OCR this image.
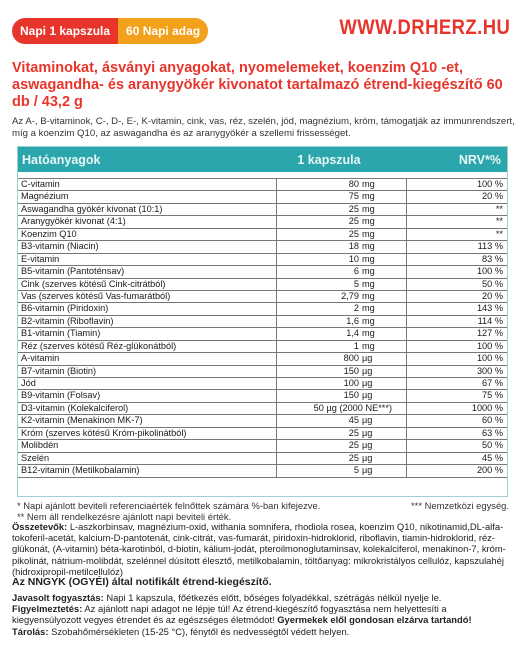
Napi 1 kapszula	60 Napi adag	WWW.DRHERZ.HU
Vitaminokat, ásványi anyagokat, nyomelemeket, koenzim Q10 -et, aswagandha- és aranygyökér kivonatot tartalmazó étrend-kiegészítő 60 db / 43,2 g
Az A-, B-vitaminok, C-, D-, E-, K-vitamin, cink, vas, réz, szelén, jód, magnézium, króm, támogatják az immunrendszert, míg a koenzim Q10, az aswagandha és az aranygyökér a szellemi frissességet.
Hatóanyagok	1 kapszula	NRV*%
C-vitamin	80 mg	100 %
Magnézium	75 mg	20 %
Aswagandha gyökér kivonat (10:1)	25 mg	**
Aranygyökér kivonat (4:1)	25 mg	**
Koenzim Q10	25 mg	**
B3-vitamin (Niacin)	18 mg	113 %
E-vitamin	10 mg	83 %
B5-vitamin (Pantoténsav)	6 mg	100 %
Cink (szerves kötésű Cink-citrátból)	5 mg	50 %
Vas (szerves kötésű Vas-fumarátból)	2,79 mg	20 %
B6-vitamin (Piridoxin)	2 mg	143 %
B2-vitamin (Riboflavin)	1,6 mg	114 %
B1-vitamin (Tiamin)	1,4 mg	127 %
Réz (szerves kötésű Réz-glükonátból)	1 mg	100 %
A-vitamin	800 µg	100 %
B7-vitamin (Biotin)	150 µg	300 %
Jód	100 µg	67 %
B9-vitamin (Folsav)	150 µg	75 %
D3-vitamin (Kolekalciferol)	50 µg (2000 NE***)	1000 %
K2-vitamin (Menakinon MK-7)	45 µg	60 %
Króm (szerves kötésű Króm-pikolinátból)	25 µg	63 %
Molibdén	25 µg	50 %
Szelén	25 µg	45 %
B12-vitamin (Metilkobalamin)	5 µg	200 %
* Napi ajánlott beviteli referenciaérték felnőttek számára %-ban kifejezve.	*** Nemzetközi egység.
** Nem áll rendelkezésre ajánlott napi beviteli érték.
Összetevők: L-aszkorbinsav, magnézium-oxid, withania somnifera, rhodiola rosea, koenzim Q10, nikotinamid,DL-alfa-tokoferil-acetát, kalcium-D-pantotenát, cink-citrát, vas-fumarát, piridoxin-hidroklorid, riboflavin, tiamin-hidroklorid, réz-glükonát, (A-vitamin) béta-karotinból, d-biotin, kálium-jodát, pteroilmonoglutaminsav, kolekalciferol, menakinon-7, króm-pikolinát, nátrium-molibdát, szelénnel dúsított élesztő, metilkobalamin, töltőanyag: mikrokristályos cellulóz, kapszulahéj (hidroxipropil-metilcellulóz)
Az NNGYK (OGYÉI) által notifikált étrend-kiegészítő.
Javasolt fogyasztás: Napi 1 kapszula, főétkezés előtt, bőséges folyadékkal, szétrágás nélkül nyelje le.
Figyelmeztetés: Az ajánlott napi adagot ne lépje túl! Az étrend-kiegészítő fogyasztása nem helyettesíti a kiegyensúlyozott vegyes étrendet és az egészséges életmódot! Gyermekek elől gondosan elzárva tartandó!
Tárolás: Szobahőmérsékleten (15-25 °C), fénytől és nedvességtől védett helyen.
